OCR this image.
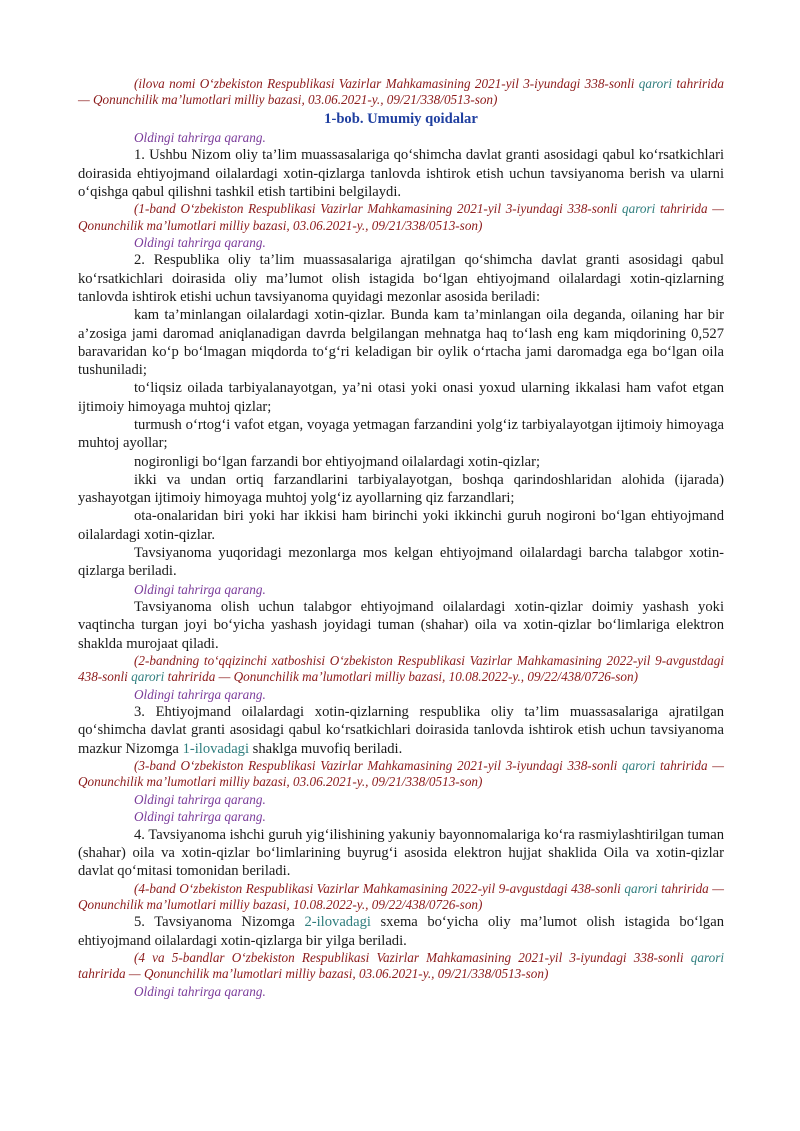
(ilova nomi O‘zbekiston Respublikasi Vazirlar Mahkamasining 2021-yil 3-iyundagi 338-sonli qarori tahririda — Qonunchilik ma’lumotlari milliy bazasi, 03.06.2021-y., 09/21/338/0513-son)

1-bob. Umumiy qoidalar

Oldingi tahrirga qarang.

1. Ushbu Nizom oliy ta’lim muassasalariga qo‘shimcha davlat granti asosidagi qabul ko‘rsatkichlari doirasida ehtiyojmand oilalardagi xotin-qizlarga tanlovda ishtirok etish uchun tavsiyanoma berish va ularni o‘qishga qabul qilishni tashkil etish tartibini belgilaydi.

(1-band O‘zbekiston Respublikasi Vazirlar Mahkamasining 2021-yil 3-iyundagi 338-sonli qarori tahririda — Qonunchilik ma’lumotlari milliy bazasi, 03.06.2021-y., 09/21/338/0513-son)

Oldingi tahrirga qarang.

2. Respublika oliy ta’lim muassasalariga ajratilgan qo‘shimcha davlat granti asosidagi qabul ko‘rsatkichlari doirasida oliy ma’lumot olish istagida bo‘lgan ehtiyojmand oilalardagi xotin-qizlarning tanlovda ishtirok etishi uchun tavsiyanoma quyidagi mezonlar asosida beriladi:

kam ta’minlangan oilalardagi xotin-qizlar. Bunda kam ta’minlangan oila deganda, oilaning har bir a’zosiga jami daromad aniqlanadigan davrda belgilangan mehnatga haq to‘lash eng kam miqdorining 0,527 baravaridan ko‘p bo‘lmagan miqdorda to‘g‘ri keladigan bir oylik o‘rtacha jami daromadga ega bo‘lgan oila tushuniladi;

to‘liqsiz oilada tarbiyalanayotgan, ya’ni otasi yoki onasi yoxud ularning ikkalasi ham vafot etgan ijtimoiy himoyaga muhtoj qizlar;

turmush o‘rtog‘i vafot etgan, voyaga yetmagan farzandini yolg‘iz tarbiyalayotgan ijtimoiy himoyaga muhtoj ayollar;

nogironligi bo‘lgan farzandi bor ehtiyojmand oilalardagi xotin-qizlar;

ikki va undan ortiq farzandlarini tarbiyalayotgan, boshqa qarindoshlaridan alohida (ijarada) yashayotgan ijtimoiy himoyaga muhtoj yolg‘iz ayollarning qiz farzandlari;

ota-onalaridan biri yoki har ikkisi ham birinchi yoki ikkinchi guruh nogironi bo‘lgan ehtiyojmand oilalardagi xotin-qizlar.

Tavsiyanoma yuqoridagi mezonlarga mos kelgan ehtiyojmand oilalardagi barcha talabgor xotin-qizlarga beriladi.

Oldingi tahrirga qarang.

Tavsiyanoma olish uchun talabgor ehtiyojmand oilalardagi xotin-qizlar doimiy yashash yoki vaqtincha turgan joyi bo‘yicha yashash joyidagi tuman (shahar) oila va xotin-qizlar bo‘limlariga elektron shaklda murojaat qiladi.

(2-bandning to‘qqizinchi xatboshisi O‘zbekiston Respublikasi Vazirlar Mahkamasining 2022-yil 9-avgustdagi 438-sonli qarori tahririda — Qonunchilik ma’lumotlari milliy bazasi, 10.08.2022-y., 09/22/438/0726-son)

Oldingi tahrirga qarang.

3. Ehtiyojmand oilalardagi xotin-qizlarning respublika oliy ta’lim muassasalariga ajratilgan qo‘shimcha davlat granti asosidagi qabul ko‘rsatkichlari doirasida tanlovda ishtirok etish uchun tavsiyanoma mazkur Nizomga 1-ilovadagi shaklga muvofiq beriladi.

(3-band O‘zbekiston Respublikasi Vazirlar Mahkamasining 2021-yil 3-iyundagi 338-sonli qarori tahririda — Qonunchilik ma’lumotlari milliy bazasi, 03.06.2021-y., 09/21/338/0513-son)

Oldingi tahrirga qarang.

Oldingi tahrirga qarang.

4. Tavsiyanoma ishchi guruh yig‘ilishining yakuniy bayonnomalariga ko‘ra rasmiylashtirilgan tuman (shahar) oila va xotin-qizlar bo‘limlarining buyrug‘i asosida elektron hujjat shaklida Oila va xotin-qizlar davlat qo‘mitasi tomonidan beriladi.

(4-band O‘zbekiston Respublikasi Vazirlar Mahkamasining 2022-yil 9-avgustdagi 438-sonli qarori tahririda — Qonunchilik ma’lumotlari milliy bazasi, 10.08.2022-y., 09/22/438/0726-son)

5. Tavsiyanoma Nizomga 2-ilovadagi sxema bo‘yicha oliy ma’lumot olish istagida bo‘lgan ehtiyojmand oilalardagi xotin-qizlarga bir yilga beriladi.

(4 va 5-bandlar O‘zbekiston Respublikasi Vazirlar Mahkamasining 2021-yil 3-iyundagi 338-sonli qarori tahririda — Qonunchilik ma’lumotlari milliy bazasi, 03.06.2021-y., 09/21/338/0513-son)

Oldingi tahrirga qarang.
